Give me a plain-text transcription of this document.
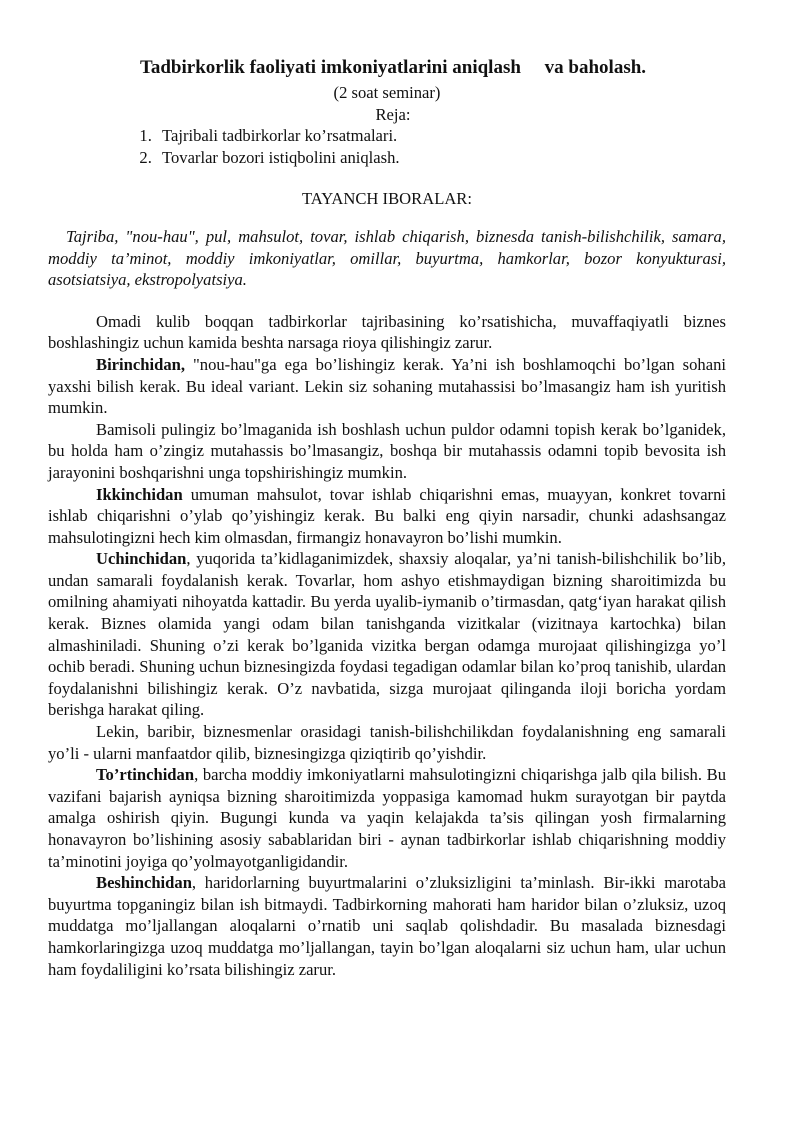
Tadbirkorlik faoliyati imkoniyatlarini aniqlash     va baholash.
(2 soat seminar)
Reja:
1. Tajribali tadbirkorlar ko’rsatmalari.
2. Tovarlar bozori istiqbolini aniqlash.
TAYANCH IBORALAR:
Tajriba, "nou-hau", pul, mahsulot, tovar, ishlab chiqarish, biznesda tanish-bilishchilik, samara, moddiy ta’minot, moddiy imkoniyatlar, omillar, buyurtma, hamkorlar, bozor konyukturasi, asotsiatsiya, ekstropolyatsiya.

Omadi kulib boqqan tadbirkorlar tajribasining ko’rsatishicha, muvaffaqiyatli biznes boshlashingiz uchun kamida beshta narsaga rioya qilishingiz zarur.

Birinchidan, "nou-hau"ga ega bo’lishingiz kerak. Ya’ni ish boshlamoqchi bo’lgan sohani yaxshi bilish kerak. Bu ideal variant. Lekin siz sohaning mutahassisi bo’lmasangiz ham ish yuritish mumkin.

Bamisoli pulingiz bo’lmaganida ish boshlash uchun puldor odamni topish kerak bo’lganidek, bu holda ham o’zingiz mutahassis bo’lmasangiz, boshqa bir mutahassis odamni topib bevosita ish jarayonini boshqarishni unga topshirishingiz mumkin.

Ikkinchidan umuman mahsulot, tovar ishlab chiqarishni emas, muayyan, konkret tovarni ishlab chiqarishni o’ylab qo’yishingiz kerak. Bu balki eng qiyin narsadir, chunki adashsangaz mahsulotingizni hech kim olmasdan, firmangiz honavayron bo’lishi mumkin.

Uchinchidan, yuqorida ta’kidlaganimizdek, shaxsiy aloqalar, ya’ni tanish-bilishchilik bo’lib, undan samarali foydalanish kerak. Tovarlar, hom ashyo etishmaydigan bizning sharoitimizda bu omilning ahamiyati nihoyatda kattadir. Bu yerda uyalib-iymanib o’tirmasdan, qatg‘iyan harakat qilish kerak. Biznes olamida yangi odam bilan tanishganda vizitkalar (vizitnaya kartochka) bilan almashiniladi. Shuning o’zi kerak bo’lganida vizitka bergan odamga murojaat qilishingizga yo’l ochib beradi. Shuning uchun biznesingizda foydasi tegadigan odamlar bilan ko’proq tanishib, ulardan foydalanishni bilishingiz kerak. O’z navbatida, sizga murojaat qilinganda iloji boricha yordam berishga harakat qiling.

Lekin, baribir, biznesmenlar orasidagi tanish-bilishchilikdan foydalanishning eng samarali yo’li - ularni manfaatdor qilib, biznesingizga qiziqtirib qo’yishdir.

To’rtinchidan, barcha moddiy imkoniyatlarni mahsulotingizni chiqarishga jalb qila bilish. Bu vazifani bajarish ayniqsa bizning sharoitimizda yoppasiga kamomad hukm surayotgan bir paytda amalga oshirish qiyin. Bugungi kunda va yaqin kelajakda ta’sis qilingan yosh firmalarning honavayron bo’lishining asosiy sabablaridan biri - aynan tadbirkorlar ishlab chiqarishning moddiy ta’minotini joyiga qo’yolmayotganligidandir.

Beshinchidan, haridorlarning buyurtmalarini o’zluksizligini ta’minlash. Bir-ikki marotaba buyurtma topganingiz bilan ish bitmaydi. Tadbirkorning mahorati ham haridor bilan o’zluksiz, uzoq muddatga mo’ljallangan aloqalarni o’rnatib uni saqlab qolishdadir. Bu masalada biznesdagi hamkorlaringizga uzoq muddatga mo’ljallangan, tayin bo’lgan aloqalarni siz uchun ham, ular uchun ham foydaliligini ko’rsata bilishingiz zarur.
